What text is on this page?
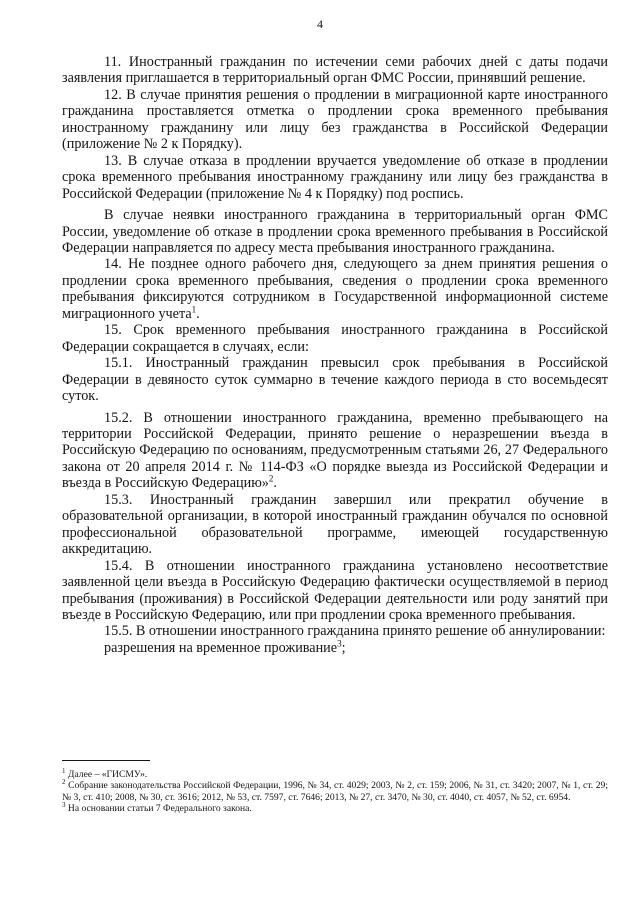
4

11. Иностранный гражданин по истечении семи рабочих дней с даты подачи заявления приглашается в территориальный орган ФМС России, принявший решение.

12. В случае принятия решения о продлении в миграционной карте иностранного гражданина проставляется отметка о продлении срока временного пребывания иностранному гражданину или лицу без гражданства в Российской Федерации (приложение № 2 к Порядку).

13. В случае отказа в продлении вручается уведомление об отказе в продлении срока временного пребывания иностранному гражданину или лицу без гражданства в Российской Федерации (приложение № 4 к Порядку) под роспись.

В случае неявки иностранного гражданина в территориальный орган ФМС России, уведомление об отказе в продлении срока временного пребывания в Российской Федерации направляется по адресу места пребывания иностранного гражданина.

14. Не позднее одного рабочего дня, следующего за днем принятия решения о продлении срока временного пребывания, сведения о продлении срока временного пребывания фиксируются сотрудником в Государственной информационной системе миграционного учета$^1$.

15. Срок временного пребывания иностранного гражданина в Российской Федерации сокращается в случаях, если:

15.1. Иностранный гражданин превысил срок пребывания в Российской Федерации в девяносто суток суммарно в течение каждого периода в сто восемьдесят суток.

15.2. В отношении иностранного гражданина, временно пребывающего на территории Российской Федерации, принято решение о неразрешении въезда в Российскую Федерацию по основаниям, предусмотренным статьями 26, 27 Федерального закона от 20 апреля 2014 г. № 114-ФЗ «О порядке выезда из Российской Федерации и въезда в Российскую Федерацию»$^2$.

15.3. Иностранный гражданин завершил или прекратил обучение в образовательной организации, в которой иностранный гражданин обучался по основной профессиональной образовательной программе, имеющей государственную аккредитацию.

15.4. В отношении иностранного гражданина установлено несоответствие заявленной цели въезда в Российскую Федерацию фактически осуществляемой в период пребывания (проживания) в Российской Федерации деятельности или роду занятий при въезде в Российскую Федерацию, или при продлении срока временного пребывания.

15.5. В отношении иностранного гражданина принято решение об аннулировании:

разрешения на временное проживание$^3$;

$^1$ Далее – «ГИСМУ».

$^2$ Собрание законодательства Российской Федерации, 1996, № 34, ст. 4029; 2003, № 2, ст. 159; 2006, № 31, ст. 3420; 2007, № 1, ст. 29; № 3, ст. 410; 2008, № 30, ст. 3616; 2012, № 53, ст. 7597, ст. 7646; 2013, № 27, ст. 3470, № 30, ст. 4040, ст. 4057, № 52, ст. 6954.

$^3$ На основании статьи 7 Федерального закона.
